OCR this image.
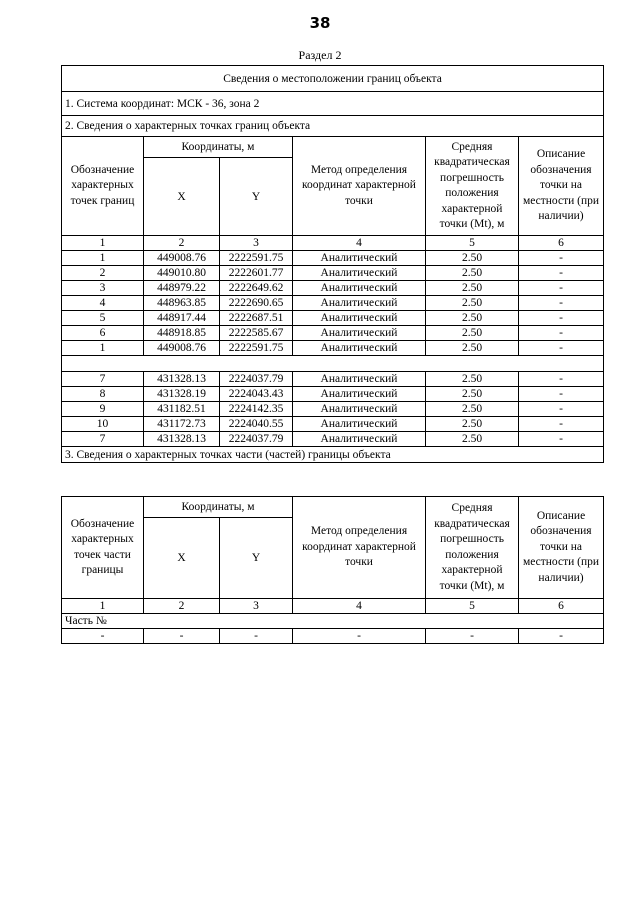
38
Раздел 2
Сведения о местоположении границ объекта					
1. Система координат: МСК - 36, зона 2					
2. Сведения о характерных точках границ объекта					
Обозначение характерных точек границ	Координаты, м		Метод определения координат характерной точки	Средняя квадратическая погрешность положения характерной точки (Mt), м	Описание обозначения точки на местности (при наличии)
	X	Y			
1	2	3	4	5	6
1	449008.76	2222591.75	Аналитический	2.50	-
2	449010.80	2222601.77	Аналитический	2.50	-
3	448979.22	2222649.62	Аналитический	2.50	-
4	448963.85	2222690.65	Аналитический	2.50	-
5	448917.44	2222687.51	Аналитический	2.50	-
6	448918.85	2222585.67	Аналитический	2.50	-
1	449008.76	2222591.75	Аналитический	2.50	-

7	431328.13	2224037.79	Аналитический	2.50	-
8	431328.19	2224043.43	Аналитический	2.50	-
9	431182.51	2224142.35	Аналитический	2.50	-
10	431172.73	2224040.55	Аналитический	2.50	-
7	431328.13	2224037.79	Аналитический	2.50	-
3. Сведения о характерных точках части (частей) границы объекта					
Обозначение характерных точек части границы	Координаты, м		Метод определения координат характерной точки	Средняя квадратическая погрешность положения характерной точки (Mt), м	Описание обозначения точки на местности (при наличии)
	X	Y			
1	2	3	4	5	6
Часть №					
-	-	-	-	-	-
